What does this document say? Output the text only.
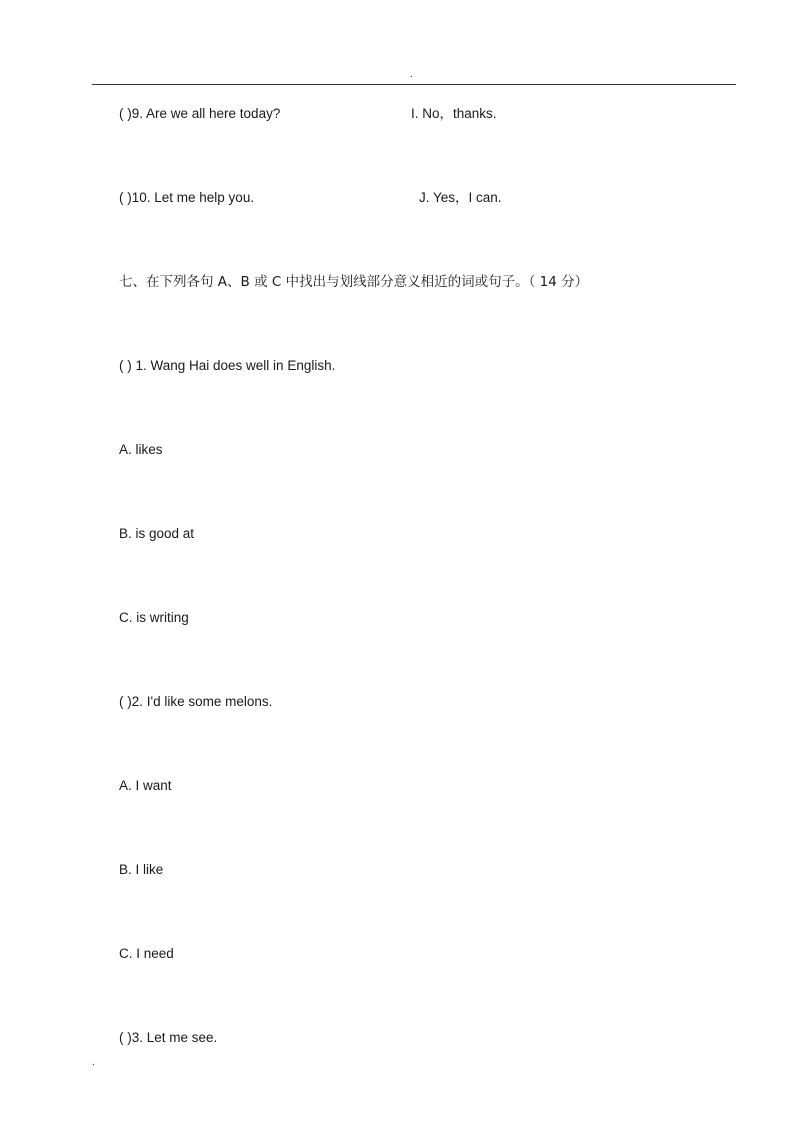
.
( )9. Are we all here today?	I. No，thanks.
( )10. Let me help you.	J. Yes，I can.
七、在下列各句 A、B 或 C 中找出与划线部分意义相近的词或句子。（ 14 分）
( ) 1. Wang Hai does well in English.
A. likes
B. is good at
C. is writing
( )2. I'd like some melons.
A. I want
B. I like
C. I need
( )3. Let me see.
.
